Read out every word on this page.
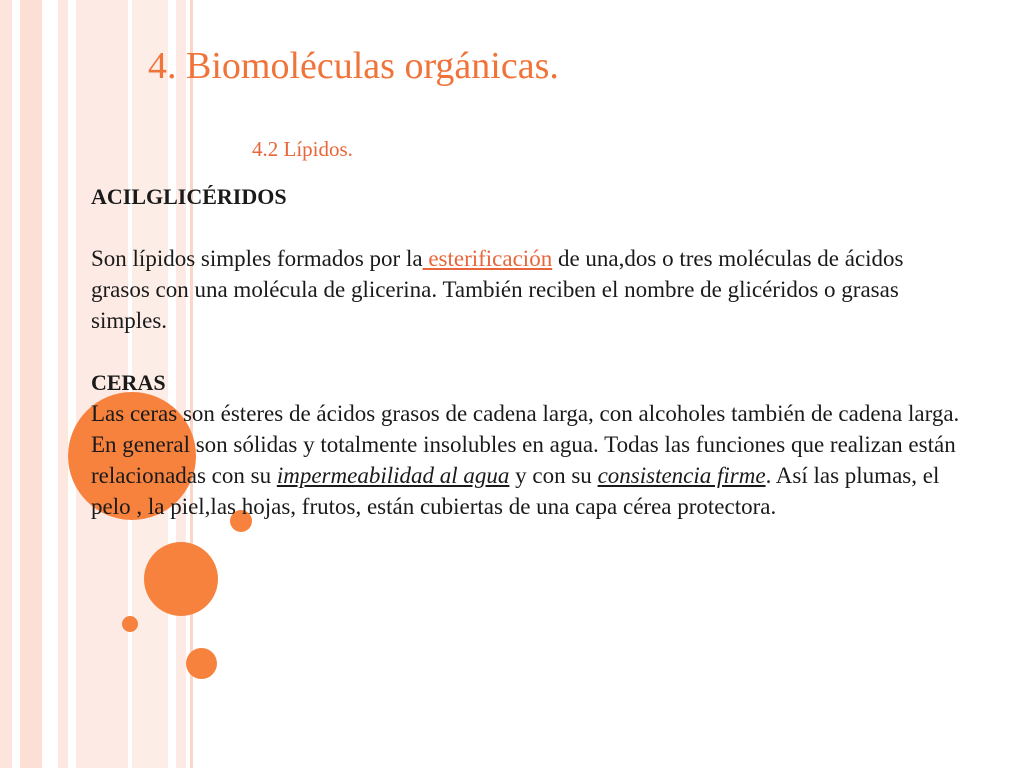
4. Biomoléculas orgánicas.

4.2 Lípidos.

ACILGLICÉRIDOS

Son lípidos simples formados por la esterificación de una,dos o tres moléculas de ácidos grasos con una molécula de glicerina. También reciben el nombre de glicéridos o grasas simples.

CERAS

Las ceras son ésteres de ácidos grasos de cadena larga, con alcoholes también de cadena larga. En general son sólidas y totalmente insolubles en agua. Todas las funciones que realizan están relacionadas con su impermeabilidad al agua y con su consistencia firme. Así las plumas, el pelo , la piel,las hojas, frutos, están cubiertas de una capa cérea protectora.
